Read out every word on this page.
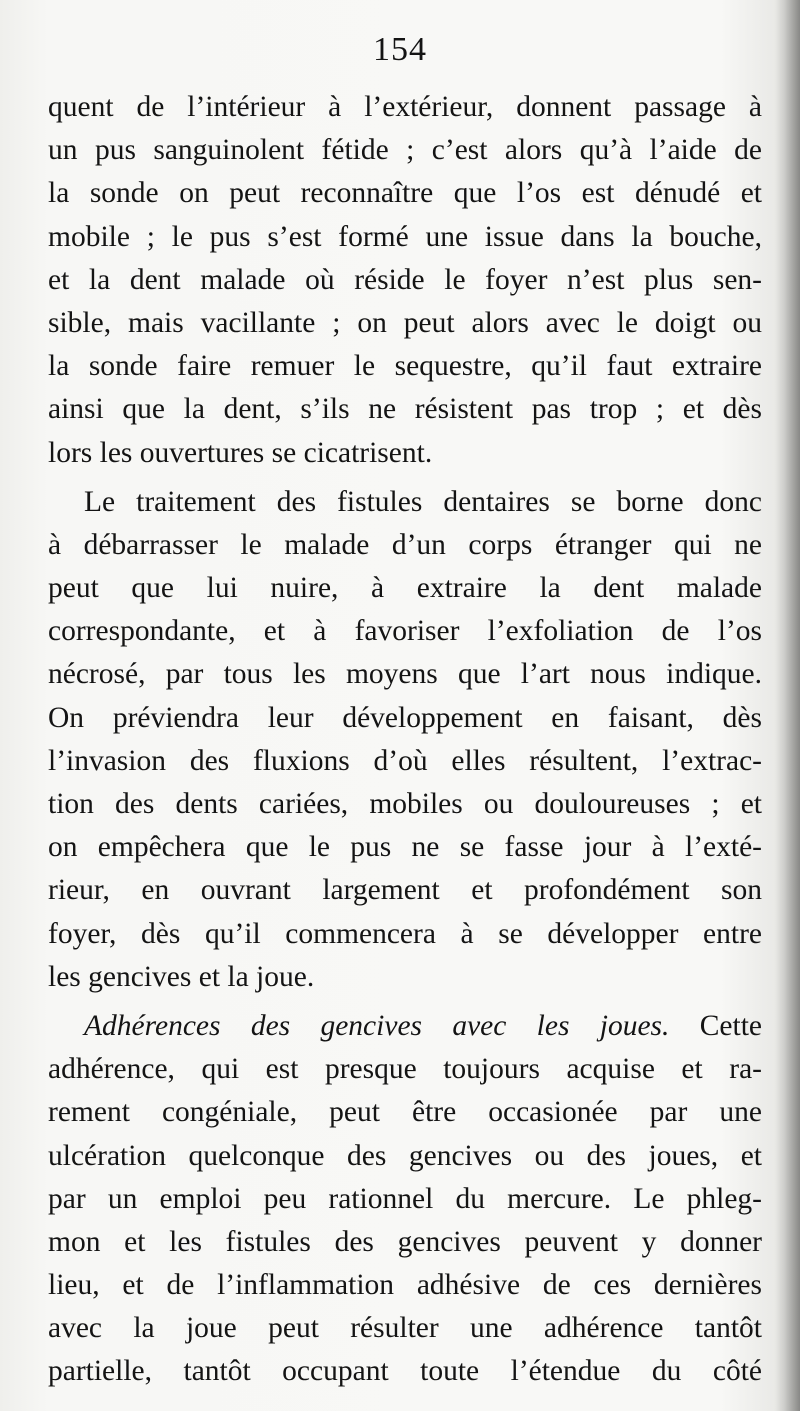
154
quent de l’intérieur à l’extérieur, donnent passage à
un pus sanguinolent fétide ; c’est alors qu’à l’aide de
la sonde on peut reconnaître que l’os est dénudé et
mobile ; le pus s’est formé une issue dans la bouche,
et la dent malade où réside le foyer n’est plus sen-
sible, mais vacillante ; on peut alors avec le doigt ou
la sonde faire remuer le sequestre, qu’il faut extraire
ainsi que la dent, s’ils ne résistent pas trop ; et dès
lors les ouvertures se cicatrisent.
Le traitement des fistules dentaires se borne donc
à débarrasser le malade d’un corps étranger qui ne
peut que lui nuire, à extraire la dent malade
correspondante, et à favoriser l’exfoliation de l’os
nécrosé, par tous les moyens que l’art nous indique.
On préviendra leur développement en faisant, dès
l’invasion des fluxions d’où elles résultent, l’extrac-
tion des dents cariées, mobiles ou douloureuses ; et
on empêchera que le pus ne se fasse jour à l’exté-
rieur, en ouvrant largement et profondément son
foyer, dès qu’il commencera à se développer entre
les gencives et la joue.
Adhérences des gencives avec les joues. Cette
adhérence, qui est presque toujours acquise et ra-
rement congéniale, peut être occasionée par une
ulcération quelconque des gencives ou des joues, et
par un emploi peu rationnel du mercure. Le phleg-
mon et les fistules des gencives peuvent y donner
lieu, et de l’inflammation adhésive de ces dernières
avec la joue peut résulter une adhérence tantôt
partielle, tantôt occupant toute l’étendue du côté
